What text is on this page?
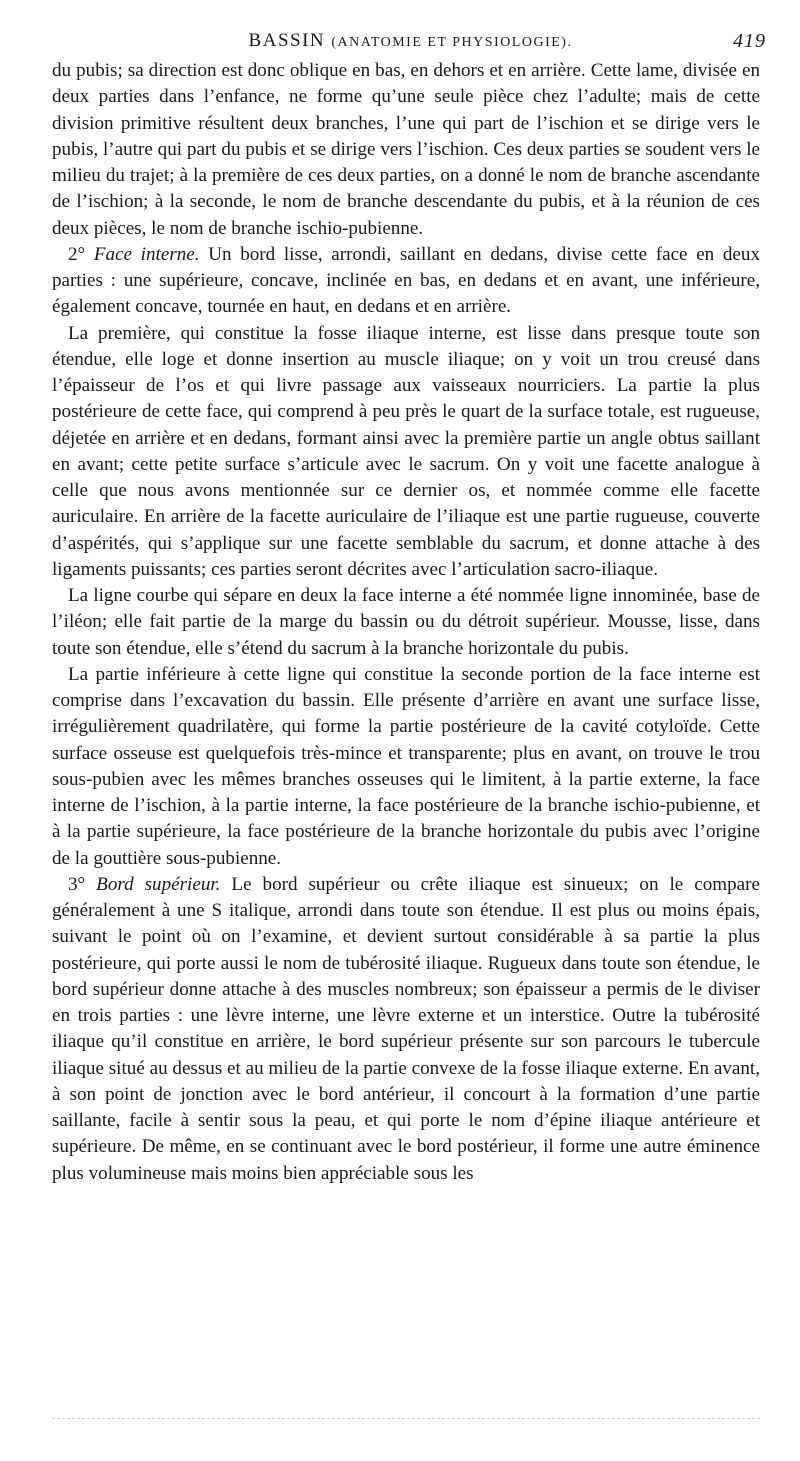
BASSIN (ANATOMIE ET PHYSIOLOGIE).	419

du pubis; sa direction est donc oblique en bas, en dehors et en arrière. Cette lame, divisée en deux parties dans l’enfance, ne forme qu’une seule pièce chez l’adulte; mais de cette division primitive résultent deux branches, l’une qui part de l’ischion et se dirige vers le pubis, l’autre qui part du pubis et se dirige vers l’ischion. Ces deux parties se soudent vers le milieu du trajet; à la première de ces deux parties, on a donné le nom de branche ascendante de l’ischion; à la seconde, le nom de branche descendante du pubis, et à la réunion de ces deux pièces, le nom de branche ischio-pubienne.

2° Face interne. Un bord lisse, arrondi, saillant en dedans, divise cette face en deux parties : une supérieure, concave, inclinée en bas, en dedans et en avant, une inférieure, également concave, tournée en haut, en dedans et en arrière.

La première, qui constitue la fosse iliaque interne, est lisse dans presque toute son étendue, elle loge et donne insertion au muscle iliaque; on y voit un trou creusé dans l’épaisseur de l’os et qui livre passage aux vaisseaux nourriciers. La partie la plus postérieure de cette face, qui comprend à peu près le quart de la surface totale, est rugueuse, déjetée en arrière et en dedans, formant ainsi avec la première partie un angle obtus saillant en avant; cette petite surface s’articule avec le sacrum. On y voit une facette analogue à celle que nous avons mentionnée sur ce dernier os, et nommée comme elle facette auriculaire. En arrière de la facette auriculaire de l’iliaque est une partie rugueuse, couverte d’aspérités, qui s’applique sur une facette semblable du sacrum, et donne attache à des ligaments puissants; ces parties seront décrites avec l’articulation sacro-iliaque.

La ligne courbe qui sépare en deux la face interne a été nommée ligne innominée, base de l’iléon; elle fait partie de la marge du bassin ou du détroit supérieur. Mousse, lisse, dans toute son étendue, elle s’étend du sacrum à la branche horizontale du pubis.

La partie inférieure à cette ligne qui constitue la seconde portion de la face interne est comprise dans l’excavation du bassin. Elle présente d’arrière en avant une surface lisse, irrégulièrement quadrilatère, qui forme la partie postérieure de la cavité cotyloïde. Cette surface osseuse est quelquefois très-mince et transparente; plus en avant, on trouve le trou sous-pubien avec les mêmes branches osseuses qui le limitent, à la partie externe, la face interne de l’ischion, à la partie interne, la face postérieure de la branche ischio-pubienne, et à la partie supérieure, la face postérieure de la branche horizontale du pubis avec l’origine de la gouttière sous-pubienne.

3° Bord supérieur. Le bord supérieur ou crête iliaque est sinueux; on le compare généralement à une S italique, arrondi dans toute son étendue. Il est plus ou moins épais, suivant le point où on l’examine, et devient surtout considérable à sa partie la plus postérieure, qui porte aussi le nom de tubérosité iliaque. Rugueux dans toute son étendue, le bord supérieur donne attache à des muscles nombreux; son épaisseur a permis de le diviser en trois parties : une lèvre interne, une lèvre externe et un interstice. Outre la tubérosité iliaque qu’il constitue en arrière, le bord supérieur présente sur son parcours le tubercule iliaque situé au dessus et au milieu de la partie convexe de la fosse iliaque externe. En avant, à son point de jonction avec le bord antérieur, il concourt à la formation d’une partie saillante, facile à sentir sous la peau, et qui porte le nom d’épine iliaque antérieure et supérieure. De même, en se continuant avec le bord postérieur, il forme une autre éminence plus volumineuse mais moins bien appréciable sous les
